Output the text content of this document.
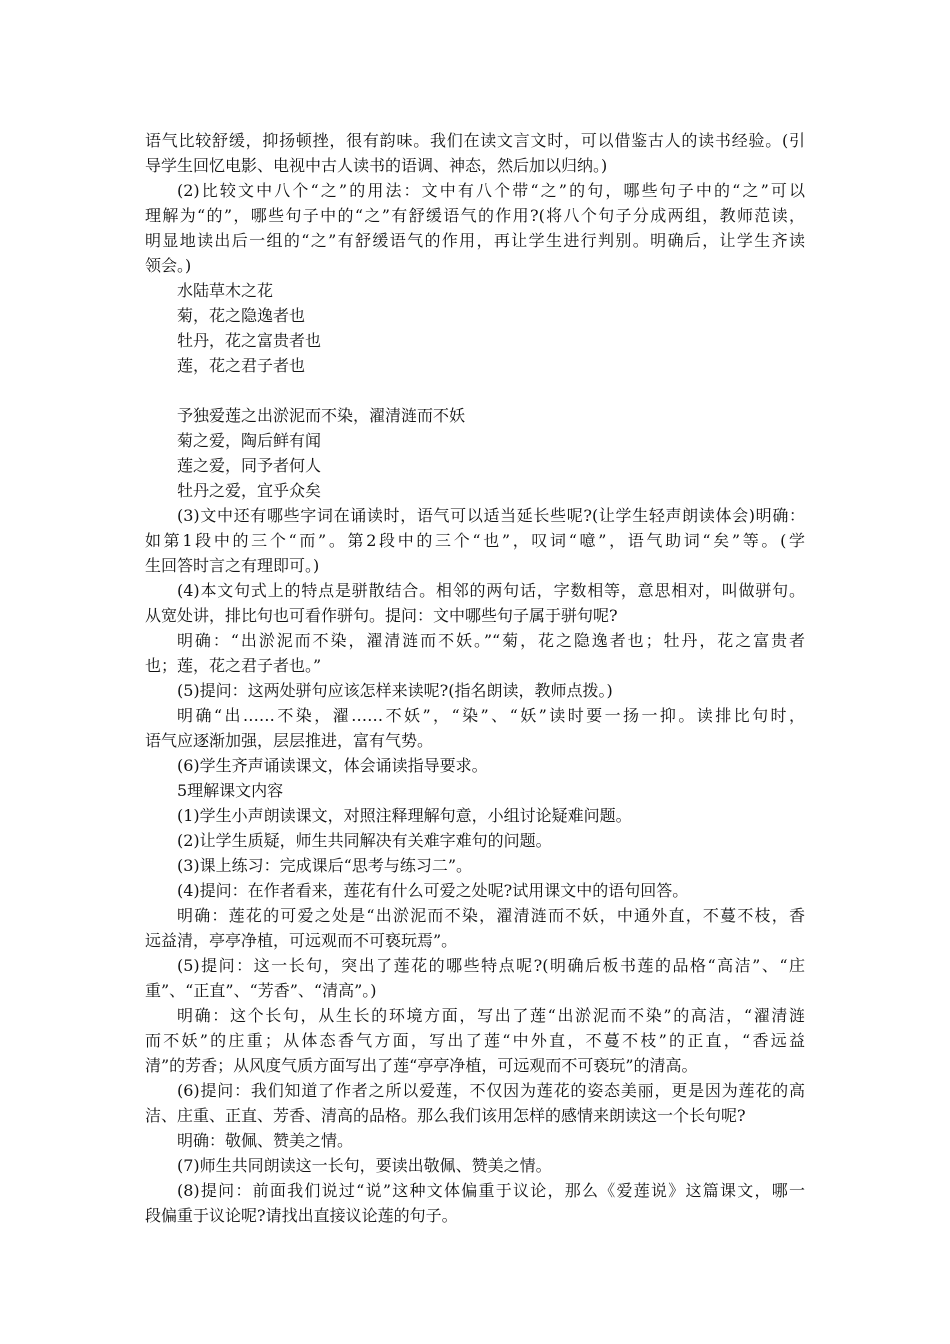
语气比较舒缓，抑扬顿挫，很有韵味。我们在读文言文时，可以借鉴古人的读书经验。(引
导学生回忆电影、电视中古人读书的语调、神态，然后加以归纳。)
(2)比较文中八个“之”的用法：文中有八个带“之”的句，哪些句子中的“之”可以
理解为“的”，哪些句子中的“之”有舒缓语气的作用?(将八个句子分成两组，教师范读，
明显地读出后一组的“之”有舒缓语气的作用，再让学生进行判别。明确后，让学生齐读
领会。)
水陆草木之花
菊，花之隐逸者也
牡丹，花之富贵者也
莲，花之君子者也
予独爱莲之出淤泥而不染，濯清涟而不妖
菊之爱，陶后鲜有闻
莲之爱，同予者何人
牡丹之爱，宜乎众矣
(3)文中还有哪些字词在诵读时，语气可以适当延长些呢?(让学生轻声朗读体会)明确：
如第1段中的三个“而”。第2段中的三个“也”，叹词“噫”，语气助词“矣”等。(学
生回答时言之有理即可。)
(4)本文句式上的特点是骈散结合。相邻的两句话，字数相等，意思相对，叫做骈句。
从宽处讲，排比句也可看作骈句。提问：文中哪些句子属于骈句呢?
明确：“出淤泥而不染，濯清涟而不妖。”“菊，花之隐逸者也；牡丹，花之富贵者
也；莲，花之君子者也。”
(5)提问：这两处骈句应该怎样来读呢?(指名朗读，教师点拨。)
明确“出……不染，濯……不妖”，“染”、“妖”读时要一扬一抑。读排比句时，
语气应逐渐加强，层层推进，富有气势。
(6)学生齐声诵读课文，体会诵读指导要求。
5理解课文内容
(1)学生小声朗读课文，对照注释理解句意，小组讨论疑难问题。
(2)让学生质疑，师生共同解决有关难字难句的问题。
(3)课上练习：完成课后“思考与练习二”。
(4)提问：在作者看来，莲花有什么可爱之处呢?试用课文中的语句回答。
明确：莲花的可爱之处是“出淤泥而不染，濯清涟而不妖，中通外直，不蔓不枝，香
远益清，亭亭净植，可远观而不可亵玩焉”。
(5)提问：这一长句，突出了莲花的哪些特点呢?(明确后板书莲的品格“高洁”、“庄
重”、“正直”、“芳香”、“清高”。)
明确：这个长句，从生长的环境方面，写出了莲“出淤泥而不染”的高洁，“濯清涟
而不妖”的庄重；从体态香气方面，写出了莲“中外直，不蔓不枝”的正直，“香远益
清”的芳香；从风度气质方面写出了莲“亭亭净植，可远观而不可亵玩”的清高。
(6)提问：我们知道了作者之所以爱莲，不仅因为莲花的姿态美丽，更是因为莲花的高
洁、庄重、正直、芳香、清高的品格。那么我们该用怎样的感情来朗读这一个长句呢?
明确：敬佩、赞美之情。
(7)师生共同朗读这一长句，要读出敬佩、赞美之情。
(8)提问：前面我们说过“说”这种文体偏重于议论，那么《爱莲说》这篇课文，哪一
段偏重于议论呢?请找出直接议论莲的句子。
